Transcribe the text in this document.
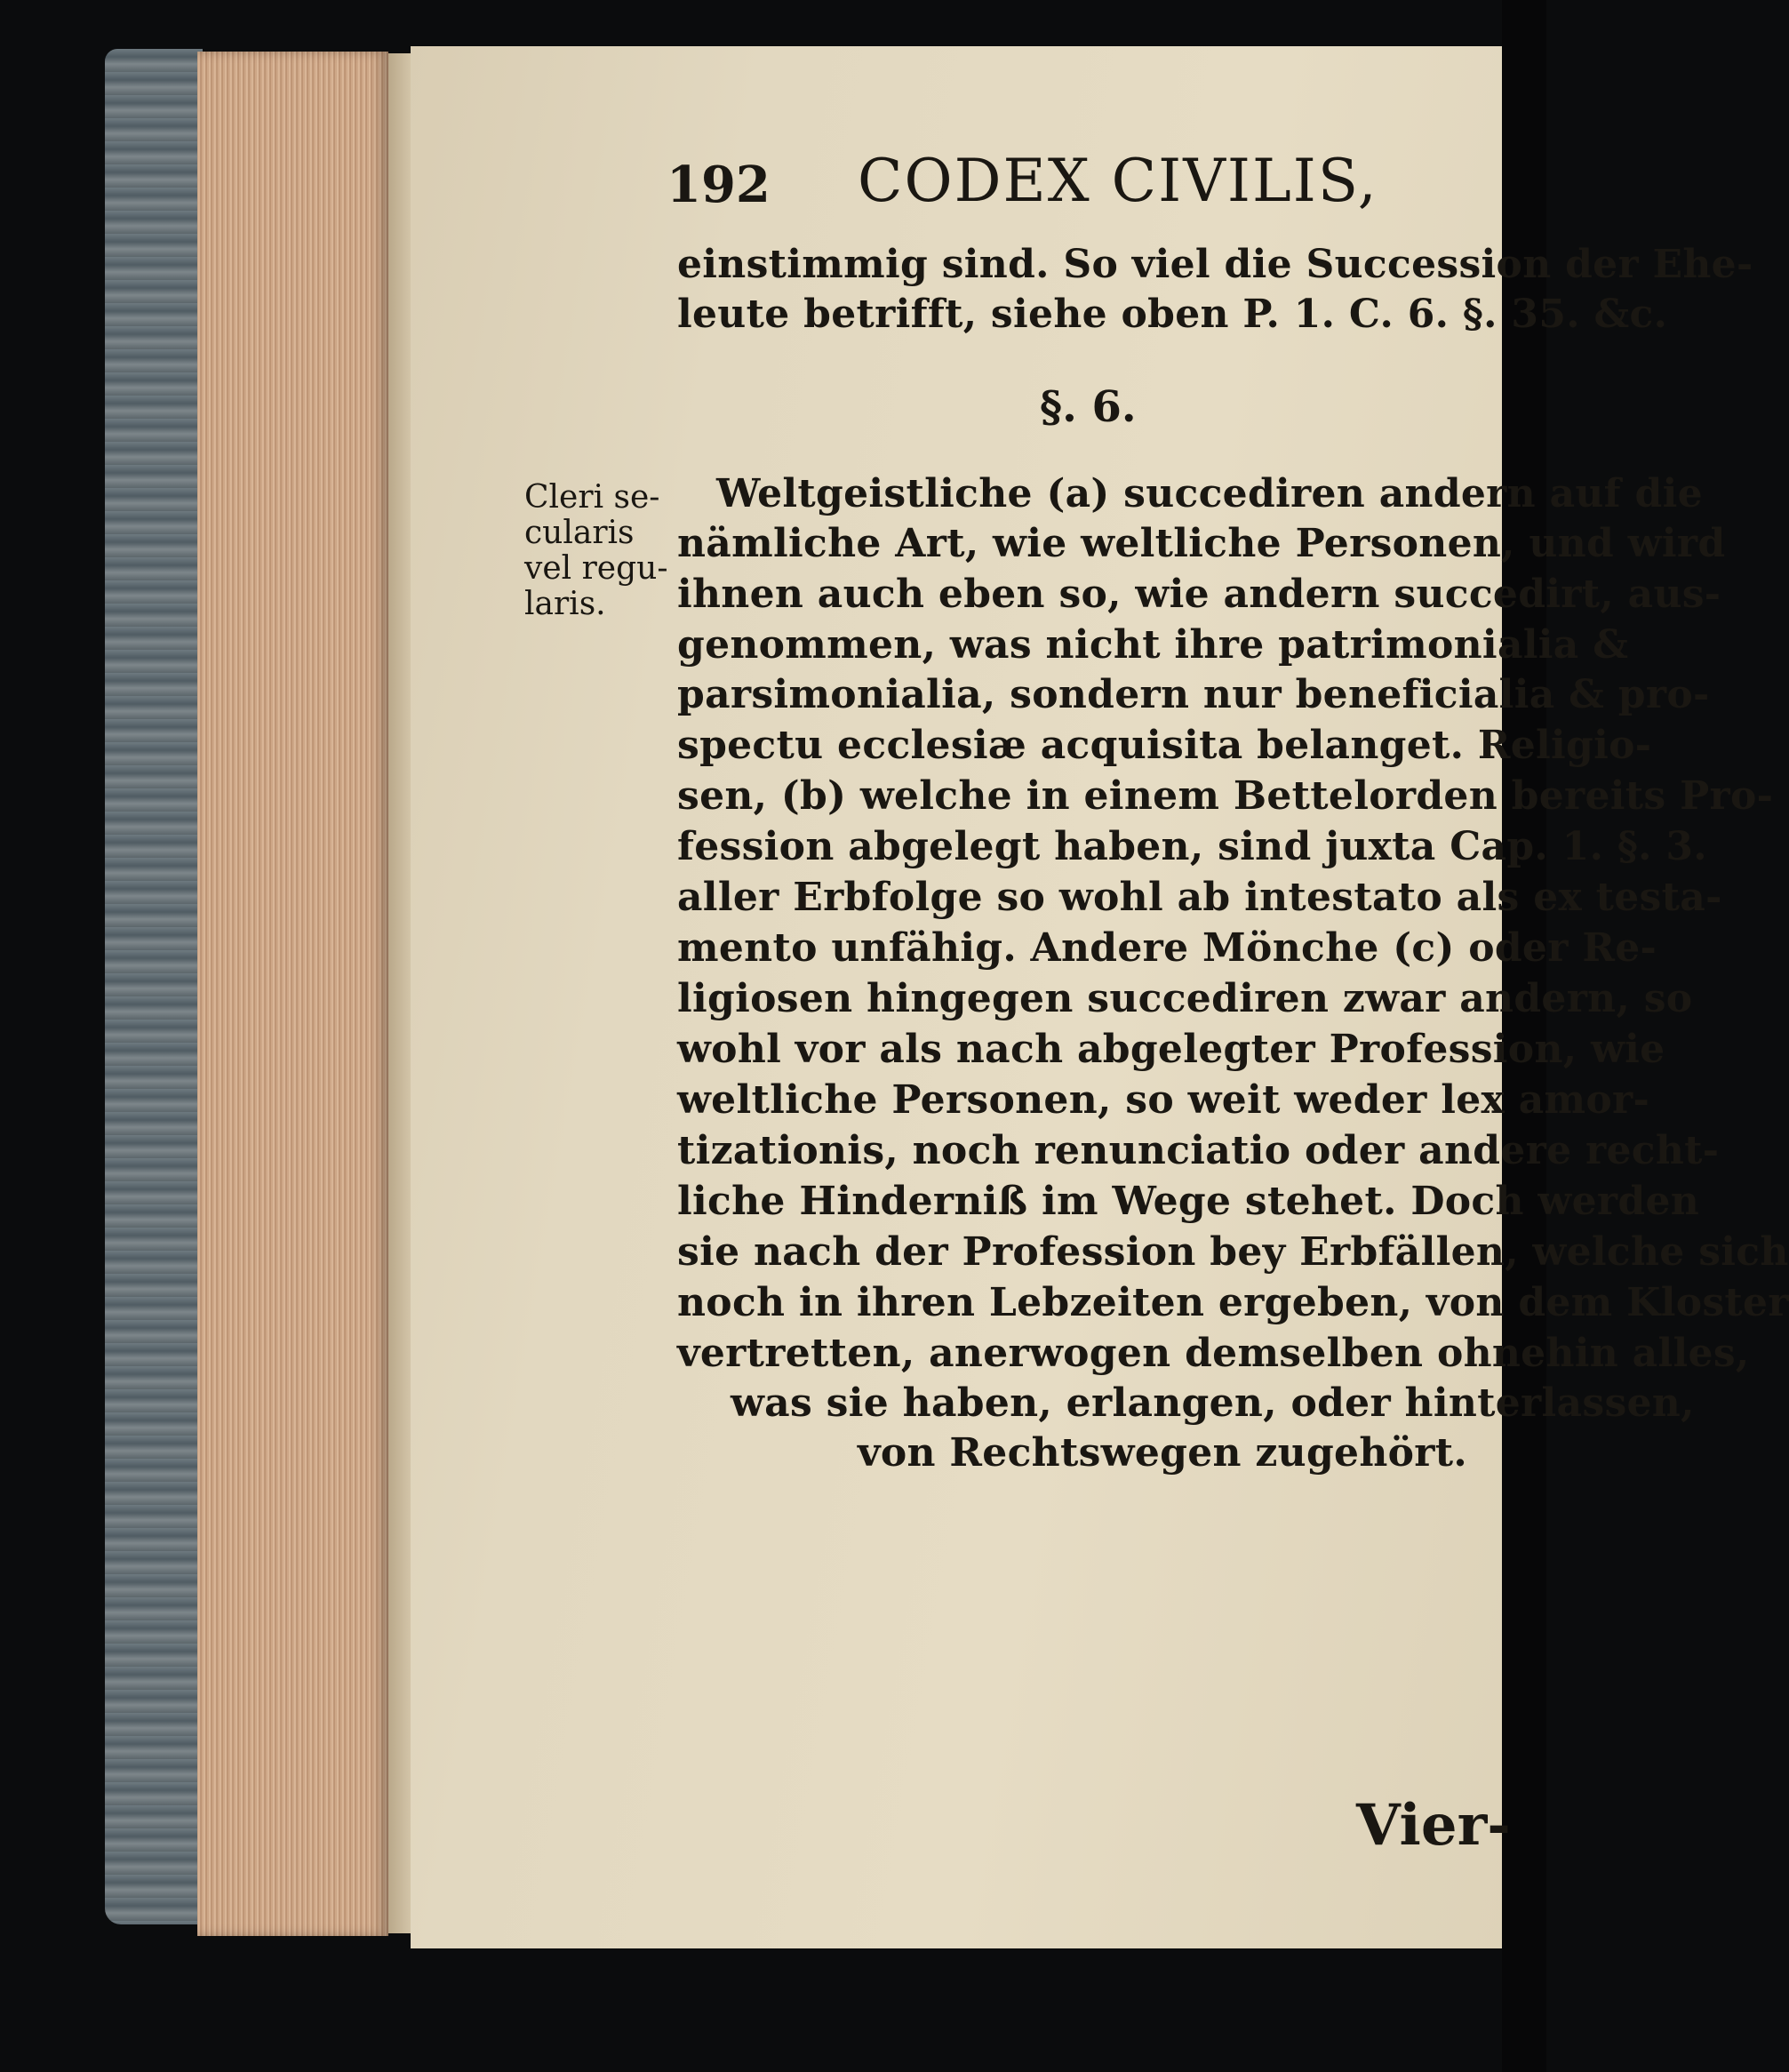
192 CODEX CIVILIS,
einstimmig sind. So viel die Succession der Ehe-
leute betrifft, siehe oben P. 1. C. 6. §. 35. &c.
§. 6.
Cleri se-
cularis
vel regu-
laris.
Weltgeistliche (a) succediren andern auf die
nämliche Art, wie weltliche Personen, und wird
ihnen auch eben so, wie andern succedirt, aus-
genommen, was nicht ihre patrimonialia &
parsimonialia, sondern nur beneficialia & pro-
spectu ecclesiæ acquisita belanget. Religio-
sen, (b) welche in einem Bettelorden bereits Pro-
fession abgelegt haben, sind juxta Cap. 1. §. 3.
aller Erbfolge so wohl ab intestato als ex testa-
mento unfähig. Andere Mönche (c) oder Re-
ligiosen hingegen succediren zwar andern, so
wohl vor als nach abgelegter Profession, wie
weltliche Personen, so weit weder lex amor-
tizationis, noch renunciatio oder andere recht-
liche Hinderniß im Wege stehet. Doch werden
sie nach der Profession bey Erbfällen, welche sich
noch in ihren Lebzeiten ergeben, von dem Kloster
vertretten, anerwogen demselben ohnehin alles,
was sie haben, erlangen, oder hinterlassen,
von Rechtswegen zugehört.
Vier-
